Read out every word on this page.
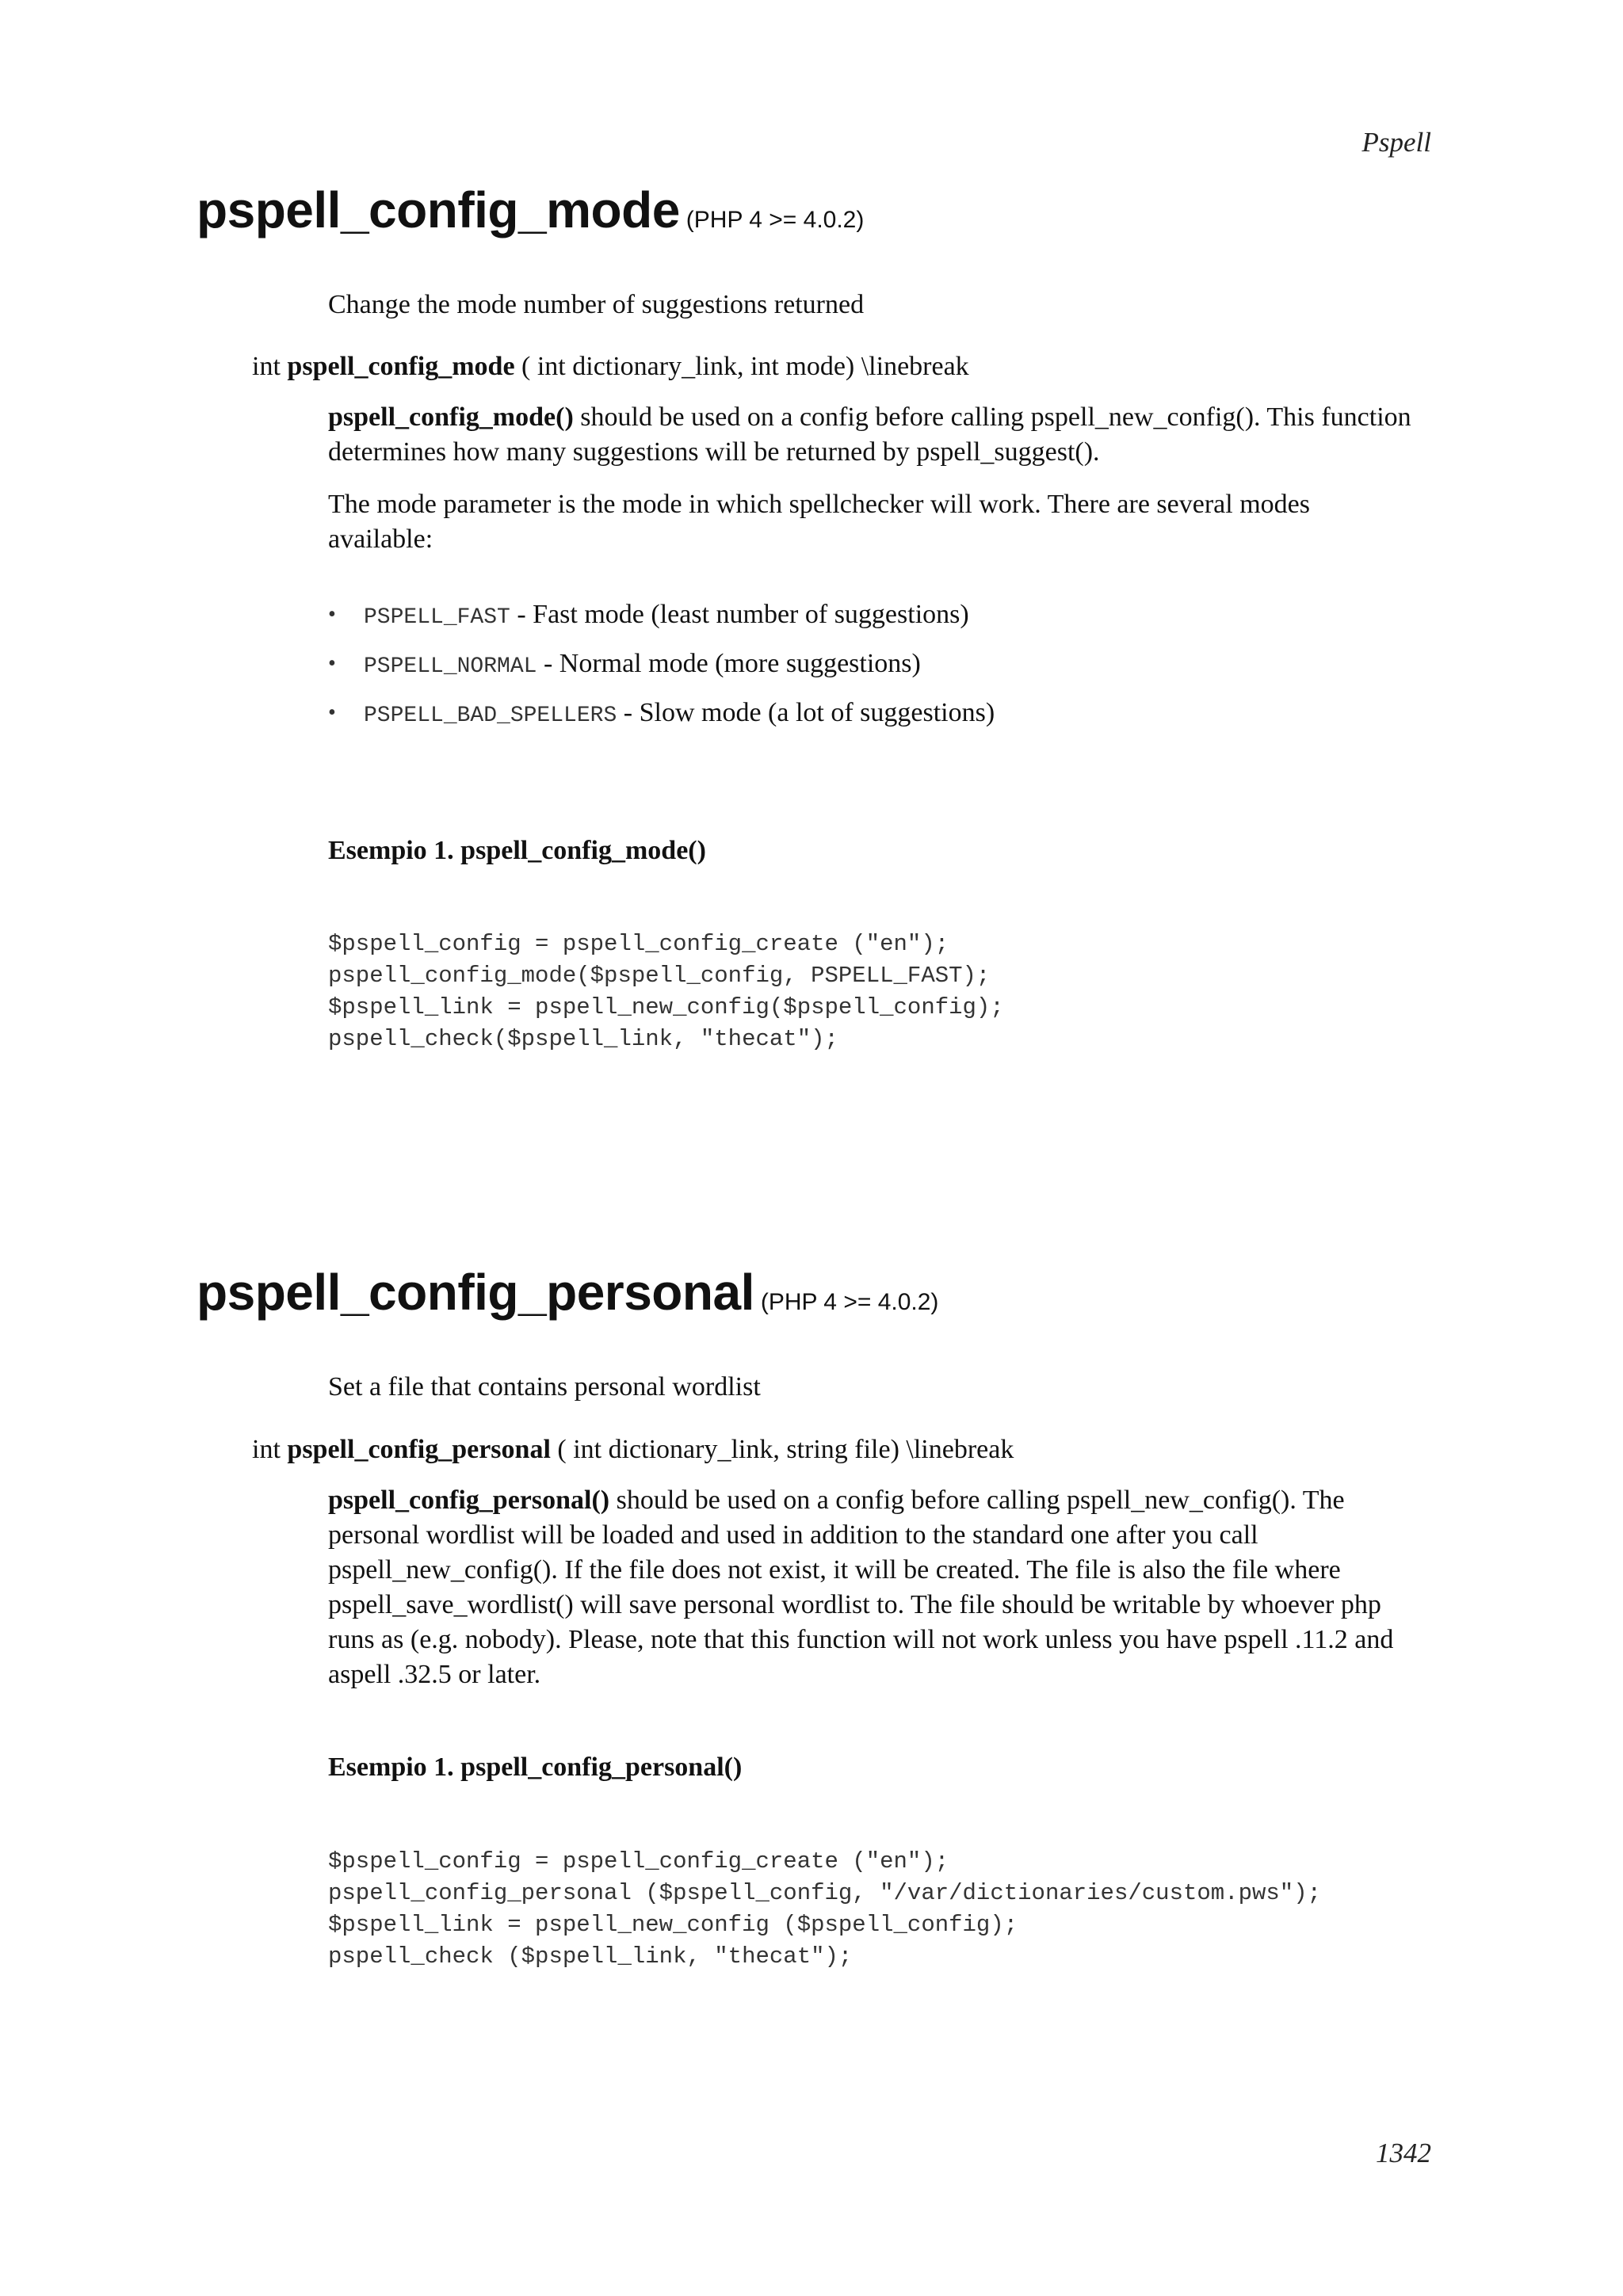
Pspell
pspell_config_mode (PHP 4 >= 4.0.2)
Change the mode number of suggestions returned
int pspell_config_mode ( int dictionary_link, int mode) \linebreak
pspell_config_mode() should be used on a config before calling pspell_new_config(). This function
determines how many suggestions will be returned by pspell_suggest().
The mode parameter is the mode in which spellchecker will work. There are several modes
available:
• PSPELL_FAST - Fast mode (least number of suggestions)
• PSPELL_NORMAL - Normal mode (more suggestions)
• PSPELL_BAD_SPELLERS - Slow mode (a lot of suggestions)
Esempio 1. pspell_config_mode()
$pspell_config = pspell_config_create ("en");
pspell_config_mode($pspell_config, PSPELL_FAST);
$pspell_link = pspell_new_config($pspell_config);
pspell_check($pspell_link, "thecat");
pspell_config_personal (PHP 4 >= 4.0.2)
Set a file that contains personal wordlist
int pspell_config_personal ( int dictionary_link, string file) \linebreak
pspell_config_personal() should be used on a config before calling pspell_new_config(). The
personal wordlist will be loaded and used in addition to the standard one after you call
pspell_new_config(). If the file does not exist, it will be created. The file is also the file where
pspell_save_wordlist() will save personal wordlist to. The file should be writable by whoever php
runs as (e.g. nobody). Please, note that this function will not work unless you have pspell .11.2 and
aspell .32.5 or later.
Esempio 1. pspell_config_personal()
$pspell_config = pspell_config_create ("en");
pspell_config_personal ($pspell_config, "/var/dictionaries/custom.pws");
$pspell_link = pspell_new_config ($pspell_config);
pspell_check ($pspell_link, "thecat");
1342
